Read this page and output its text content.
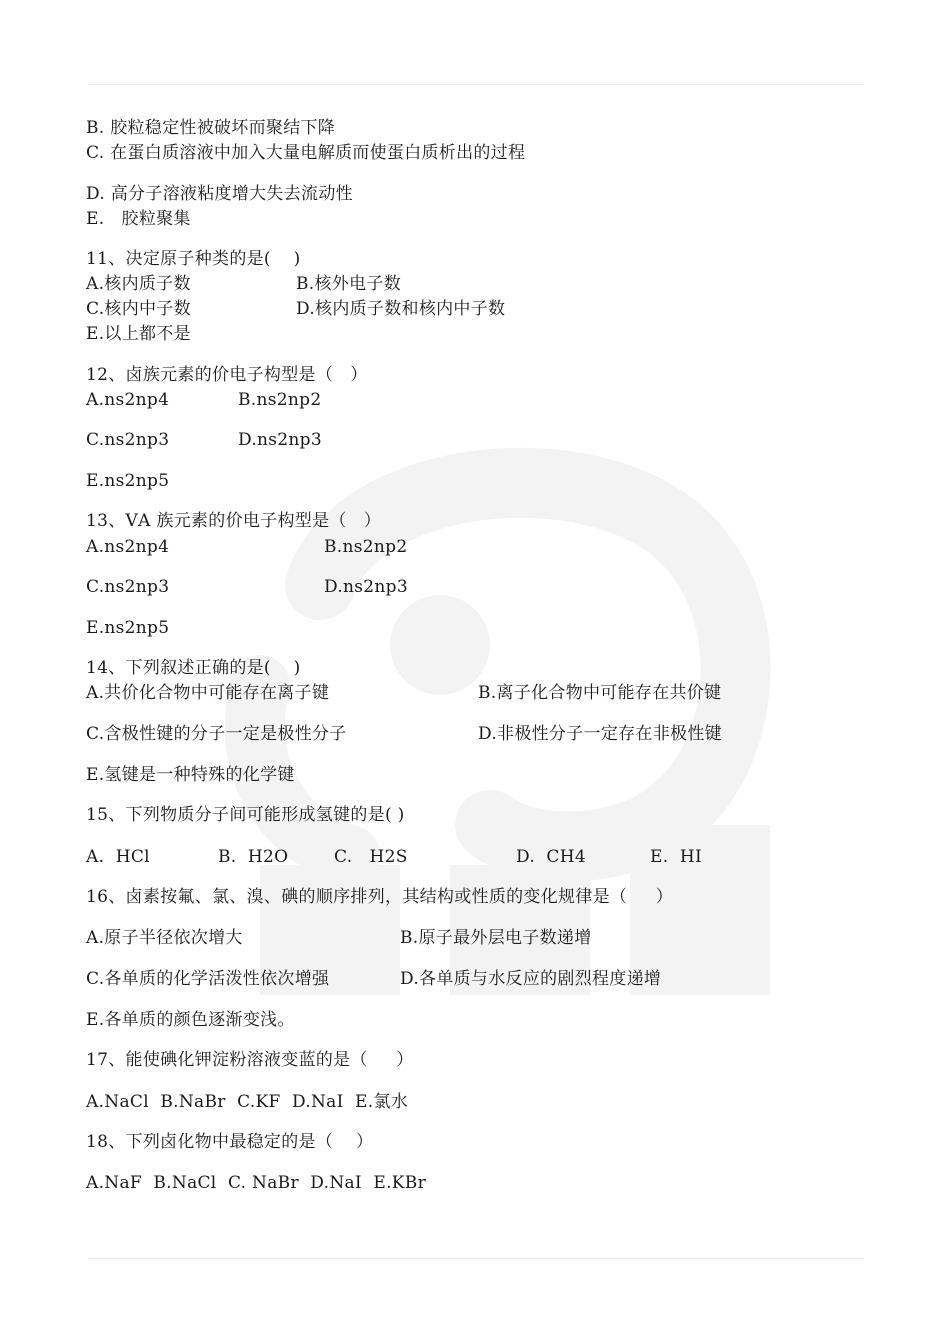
B. 胶粒稳定性被破坏而聚结下降
C. 在蛋白质溶液中加入大量电解质而使蛋白质析出的过程
D. 高分子溶液粘度增大失去流动性
E.   胶粒聚集
11、决定原子种类的是(    )
A.核内质子数	B.核外电子数
C.核内中子数	D.核内质子数和核内中子数
E.以上都不是
12、卤族元素的价电子构型是（   ）
A.ns2np4	B.ns2np2
C.ns2np3	D.ns2np3
E.ns2np5
13、ⅤA 族元素的价电子构型是（   ）
A.ns2np4	B.ns2np2
C.ns2np3	D.ns2np3
E.ns2np5
14、下列叙述正确的是(    )
A.共价化合物中可能存在离子键	B.离子化合物中可能存在共价键
C.含极性键的分子一定是极性分子	D.非极性分子一定存在非极性键
E.氢键是一种特殊的化学键
15、下列物质分子间可能形成氢键的是( )
A.  HCl	B.  H2O	C.   H2S	D.  CH4	E.  HI
16、卤素按氟、氯、溴、碘的顺序排列，其结构或性质的变化规律是（     ）
A.原子半径依次增大	B.原子最外层电子数递增
C.各单质的化学活泼性依次增强	D.各单质与水反应的剧烈程度递增
E.各单质的颜色逐渐变浅。
17、能使碘化钾淀粉溶液变蓝的是（     ）
A.NaCl  B.NaBr  C.KF  D.NaI  E.氯水
18、下列卤化物中最稳定的是（    ）
A.NaF  B.NaCl  C. NaBr  D.NaI  E.KBr
